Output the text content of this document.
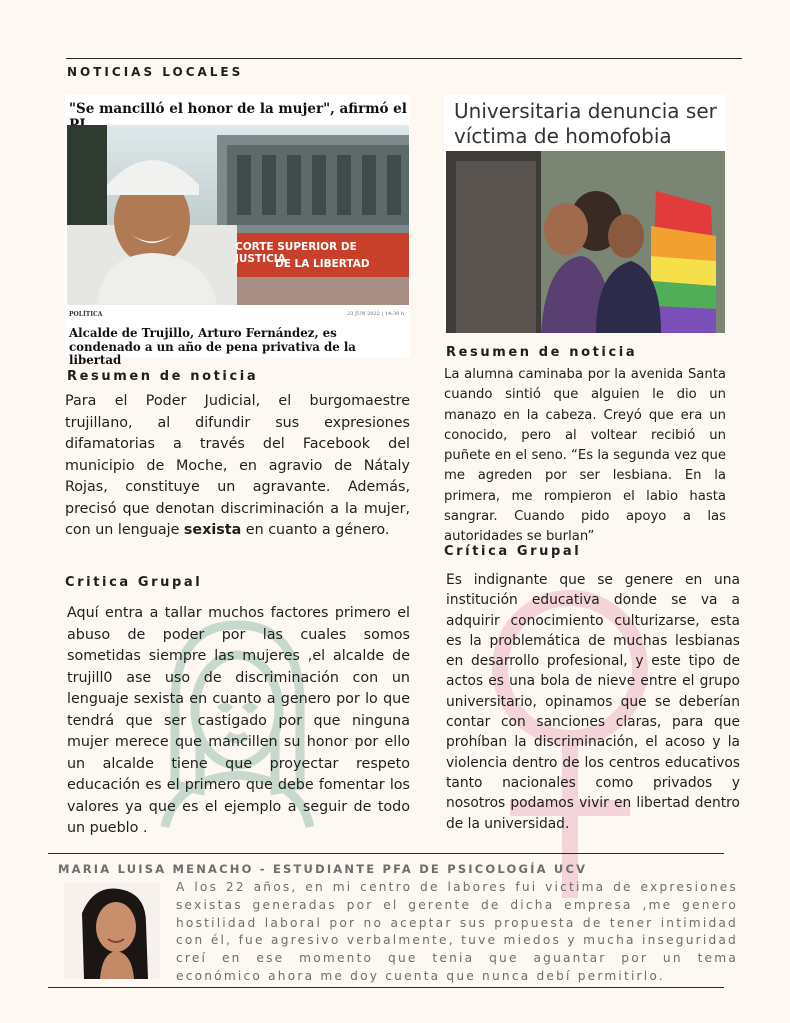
NOTICIAS LOCALES
"Se mancilló el honor de la mujer", afirmó el
CORTE SUPERIOR DE JUSTICIA
DE LA LIBERTAD
POLÍTICA	23 JUN 2022 | 14:39 h
Alcalde de Trujillo, Arturo Fernández, es condenado a un año de pena privativa de la libertad
Universitaria denuncia ser víctima de homofobia
Resumen de noticia
Para el Poder Judicial, el burgomaestre trujillano, al difundir sus expresiones difamatorias a través del Facebook del municipio de Moche, en agravio de Nátaly Rojas, constituye un agravante. Además, precisó que denotan discriminación a la mujer, con un lenguaje sexista en cuanto a género.
Critica Grupal
Aquí entra a tallar muchos factores primero el abuso de poder por las cuales somos sometidas siempre las mujeres ,el alcalde de trujill0 ase uso de discriminación con un lenguaje sexista en cuanto a genero por lo que tendrá que ser castigado por que ninguna mujer merece que mancillen su honor por ello un alcalde tiene que proyectar respeto educación es el primero que debe fomentar los valores ya que es el ejemplo a seguir de todo un pueblo .
Resumen de noticia
La alumna caminaba por la avenida Santa cuando sintió que alguien le dio un manazo en la cabeza. Creyó que era un conocido, pero al voltear recibió un puñete en el seno. “Es la segunda vez que me agreden por ser lesbiana. En la primera, me rompieron el labio hasta sangrar. Cuando pido apoyo a las autoridades se burlan”
Crítica Grupal
Es indignante que se genere en una institución educativa donde se va a adquirir conocimiento culturizarse, esta es la problemática de muchas lesbianas en desarrollo profesional, y este tipo de actos es una bola de nieve entre el grupo universitario, opinamos que se deberían contar con sanciones claras, para que prohíban la discriminación, el acoso y la violencia dentro de los centros educativos tanto nacionales como privados y nosotros podamos vivir en libertad dentro de la universidad.
MARIA LUISA MENACHO - ESTUDIANTE PFA DE PSICOLOGÍA UCV
A los 22 años, en mi centro de labores fui victima de expresiones sexistas generadas por el gerente de dicha empresa ,me genero hostilidad laboral por no aceptar sus propuesta de tener intimidad con él, fue agresivo verbalmente, tuve miedos y mucha inseguridad creí en ese momento que tenia que aguantar por un tema económico ahora me doy cuenta que nunca debí permitirlo.
